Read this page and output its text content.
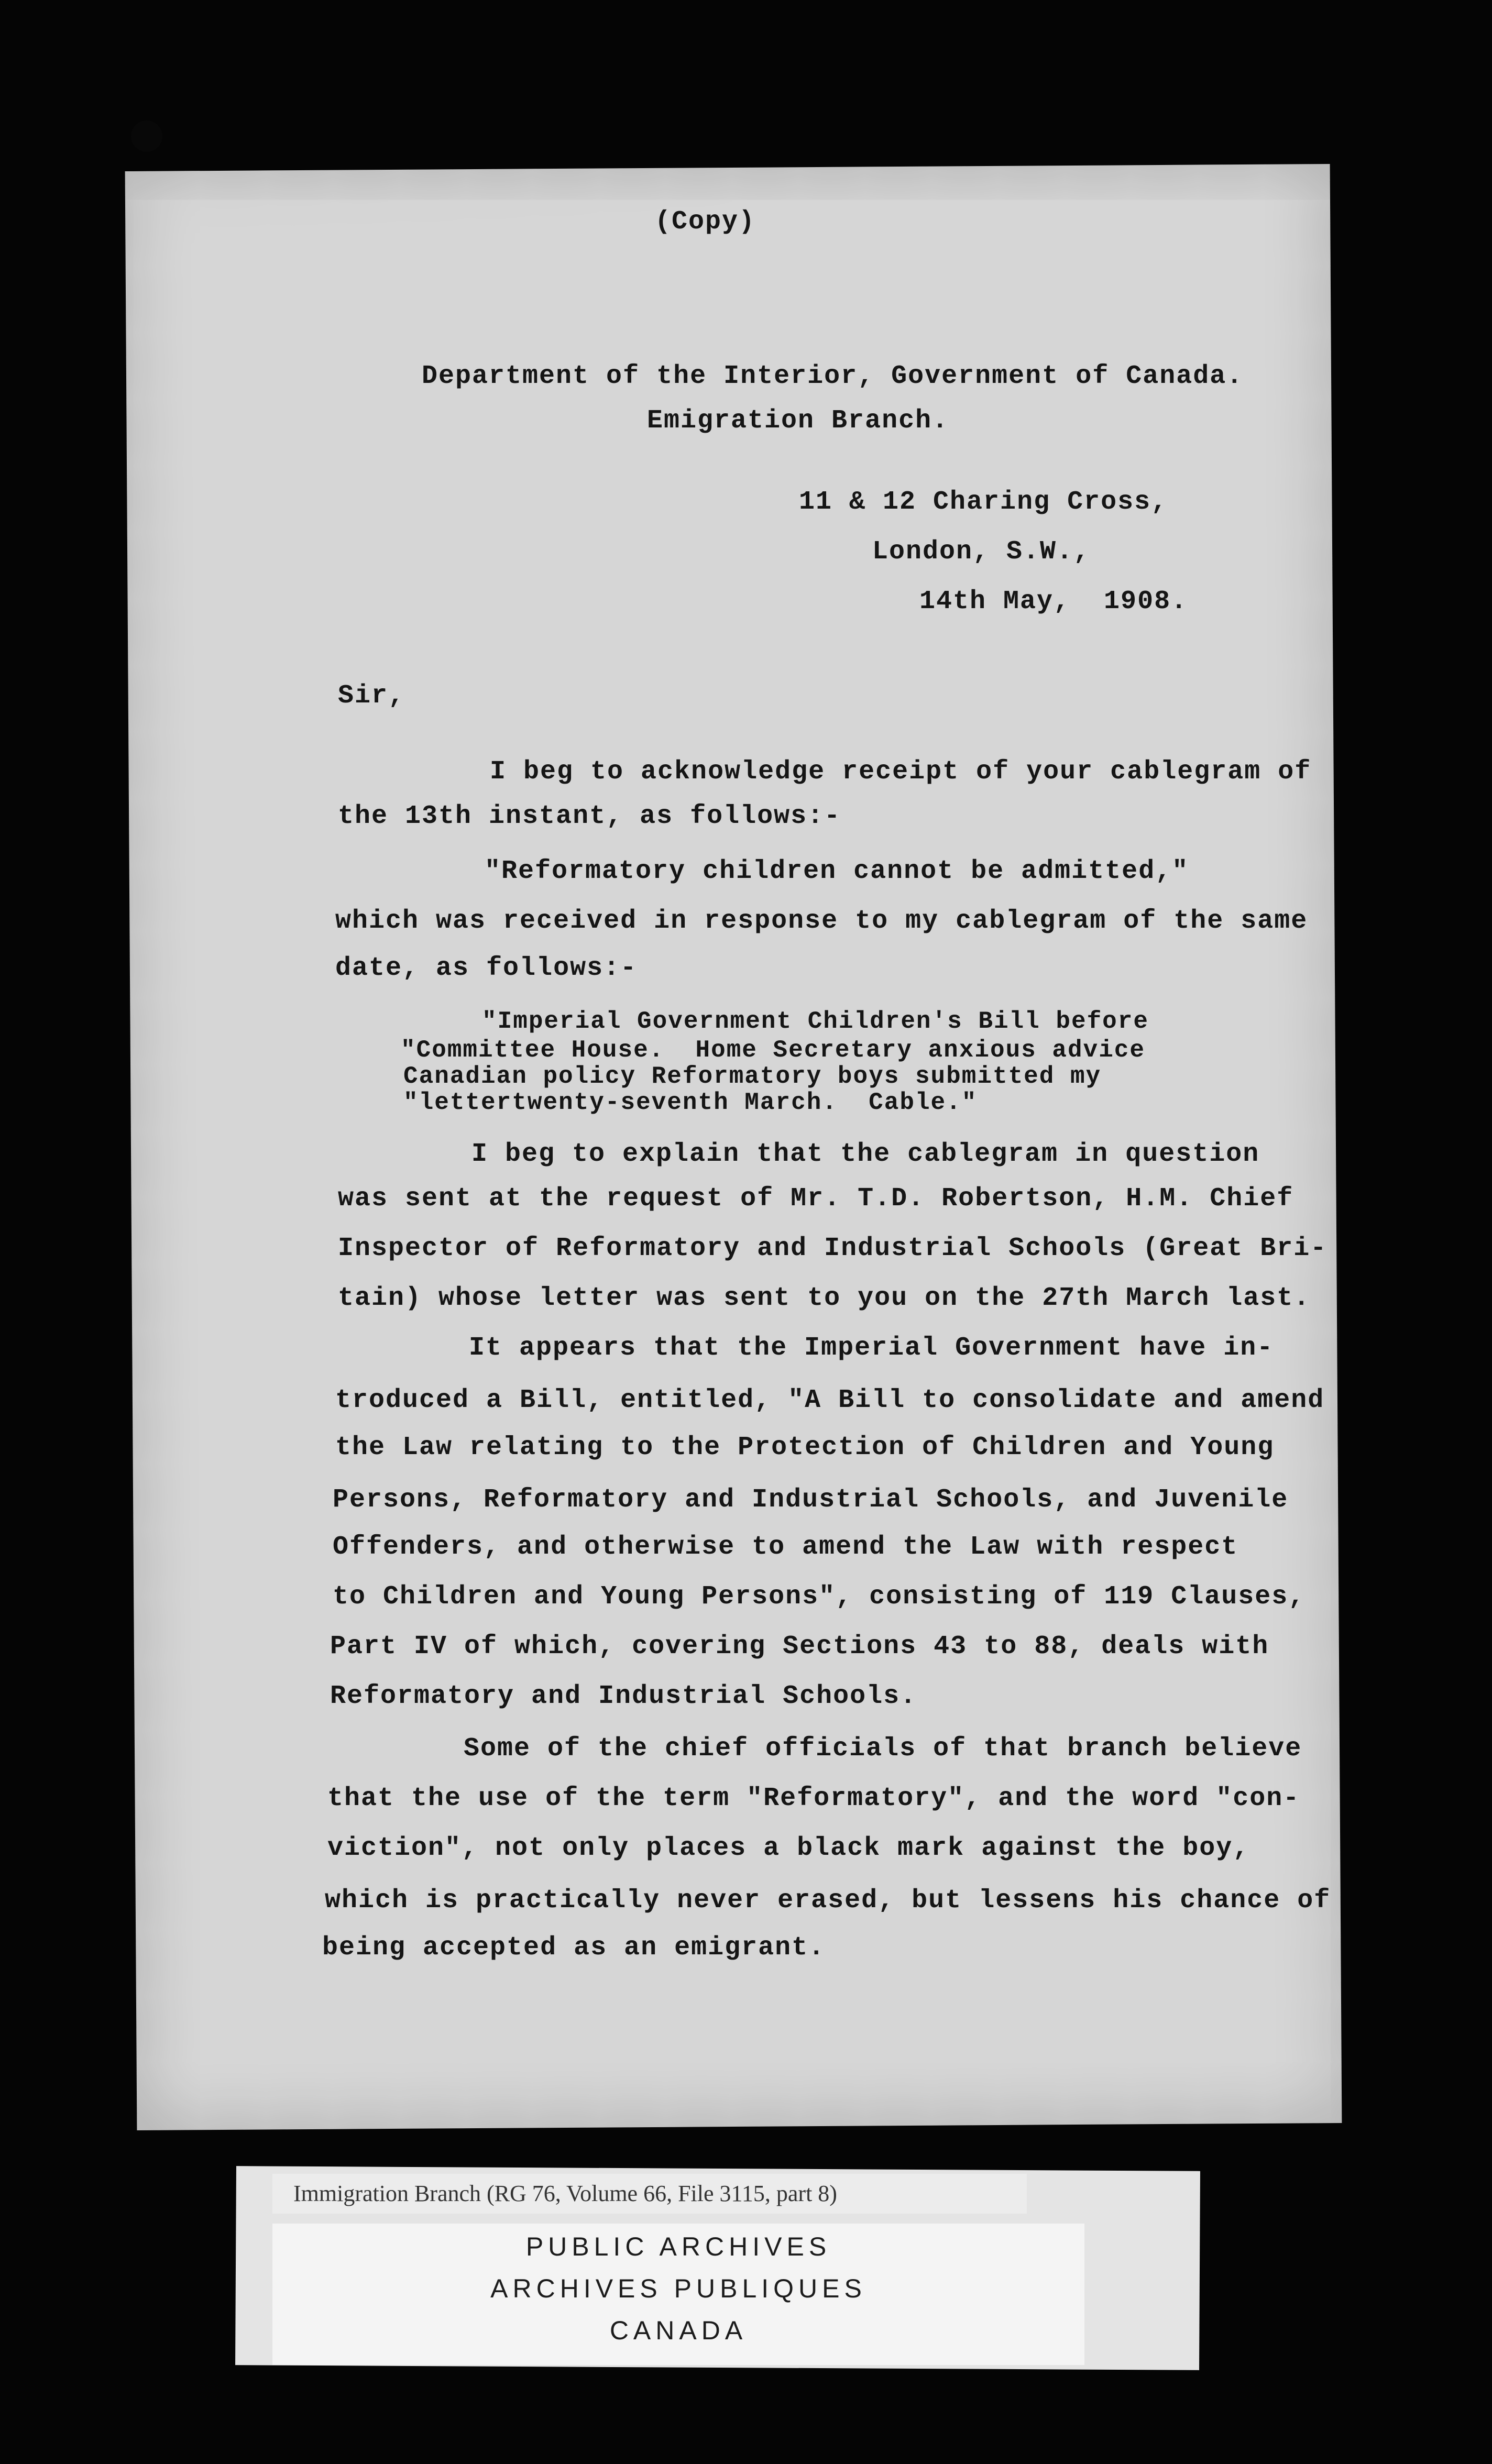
(Copy)
Department of the Interior, Government of Canada.
Emigration Branch.
11 & 12 Charing Cross,
London, S.W.,
14th May,  1908.
Sir,
I beg to acknowledge receipt of your cablegram of
the 13th instant, as follows:-
"Reformatory children cannot be admitted,"
which was received in response to my cablegram of the same
date, as follows:-
"Imperial Government Children's Bill before
"Committee House.  Home Secretary anxious advice
Canadian policy Reformatory boys submitted my
"lettertwenty-seventh March.  Cable."
I beg to explain that the cablegram in question
was sent at the request of Mr. T.D. Robertson, H.M. Chief
Inspector of Reformatory and Industrial Schools (Great Bri-
tain) whose letter was sent to you on the 27th March last.
It appears that the Imperial Government have in-
troduced a Bill, entitled, "A Bill to consolidate and amend
the Law relating to the Protection of Children and Young
Persons, Reformatory and Industrial Schools, and Juvenile
Offenders, and otherwise to amend the Law with respect
to Children and Young Persons", consisting of 119 Clauses,
Part IV of which, covering Sections 43 to 88, deals with
Reformatory and Industrial Schools.
Some of the chief officials of that branch believe
that the use of the term "Reformatory", and the word "con-
viction", not only places a black mark against the boy,
which is practically never erased, but lessens his chance of
being accepted as an emigrant.
Immigration Branch (RG 76, Volume 66, File 3115, part 8)
PUBLIC ARCHIVES
ARCHIVES PUBLIQUES
CANADA
